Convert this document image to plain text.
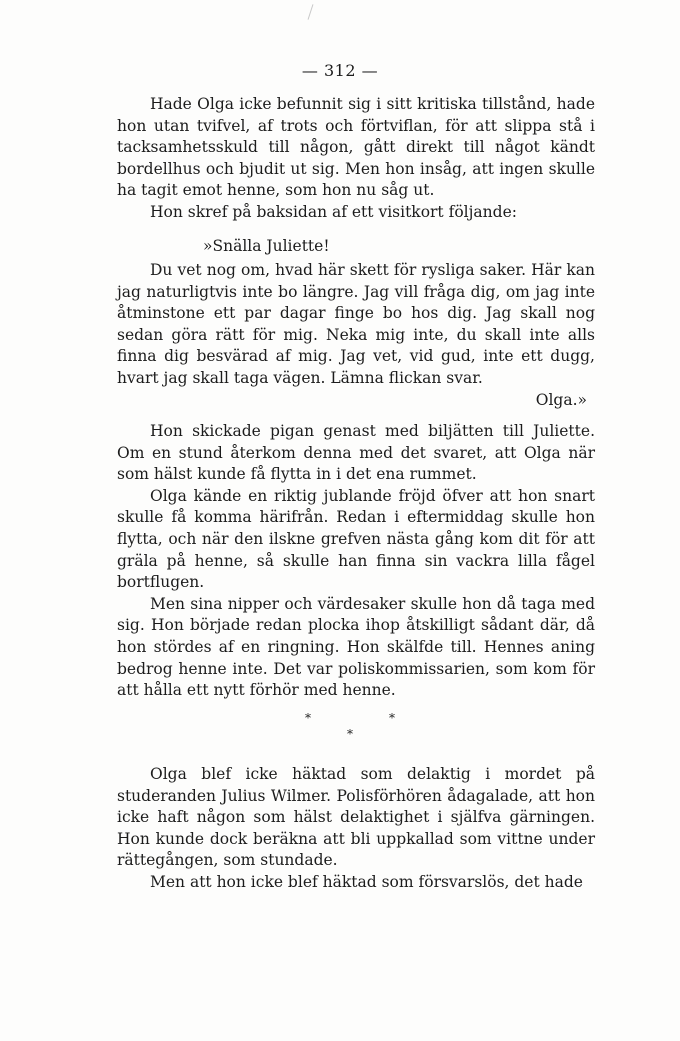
— 312 —

Hade Olga icke befunnit sig i sitt kritiska tillstånd, hade hon utan tvifvel, af trots och förtviflan, för att slippa stå i tacksamhetsskuld till någon, gått direkt till något kändt bordellhus och bjudit ut sig. Men hon insåg, att ingen skulle ha tagit emot henne, som hon nu såg ut.

Hon skref på baksidan af ett visitkort följande:

»Snälla Juliette!

Du vet nog om, hvad här skett för rysliga saker. Här kan jag naturligtvis inte bo längre. Jag vill fråga dig, om jag inte åtminstone ett par dagar finge bo hos dig. Jag skall nog sedan göra rätt för mig. Neka mig inte, du skall inte alls finna dig besvärad af mig. Jag vet, vid gud, inte ett dugg, hvart jag skall taga vägen. Lämna flickan svar.

Olga.»

Hon skickade pigan genast med biljätten till Juliette. Om en stund återkom denna med det svaret, att Olga när som hälst kunde få flytta in i det ena rummet.

Olga kände en riktig jublande fröjd öfver att hon snart skulle få komma härifrån. Redan i eftermiddag skulle hon flytta, och när den ilskne grefven nästa gång kom dit för att gräla på henne, så skulle han finna sin vackra lilla fågel bortflugen.

Men sina nipper och värdesaker skulle hon då taga med sig. Hon började redan plocka ihop åtskilligt sådant där, då hon stördes af en ringning. Hon skälfde till. Hennes aning bedrog henne inte. Det var poliskommissarien, som kom för att hålla ett nytt förhör med henne.

*
*
*

Olga blef icke häktad som delaktig i mordet på studeranden Julius Wilmer. Polisförhören ådagalade, att hon icke haft någon som hälst delaktighet i själfva gärningen. Hon kunde dock beräkna att bli uppkallad som vittne under rättegången, som stundade.

Men att hon icke blef häktad som försvarslös, det hade
